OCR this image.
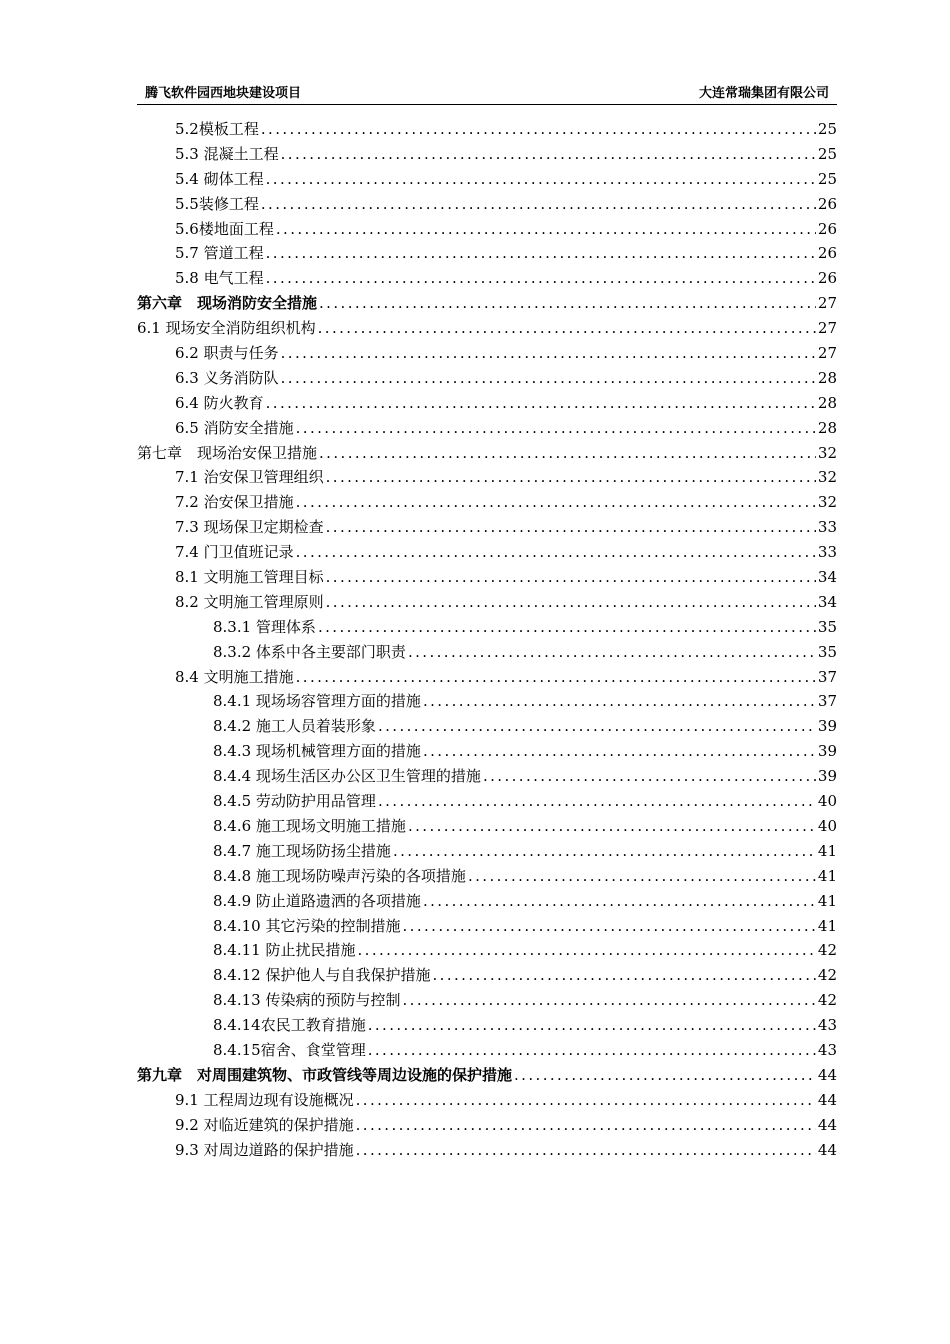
腾飞软件园西地块建设项目	大连常瑞集团有限公司
5.2模板工程 .....	25
5.3 混凝土工程 .....	25
5.4 砌体工程 .....	25
5.5装修工程 .....	26
5.6楼地面工程 .....	26
5.7 管道工程 .....	26
5.8 电气工程 .....	26
第六章　现场消防安全措施 .....	27
6.1 现场安全消防组织机构 .....	27
6.2 职责与任务 .....	27
6.3 义务消防队 .....	28
6.4 防火教育 .....	28
6.5 消防安全措施 .....	28
第七章　现场治安保卫措施 .....	32
7.1 治安保卫管理组织 .....	32
7.2 治安保卫措施 .....	32
7.3 现场保卫定期检查 .....	33
7.4 门卫值班记录 .....	33
8.1 文明施工管理目标 .....	34
8.2 文明施工管理原则 .....	34
8.3.1 管理体系 .....	35
8.3.2 体系中各主要部门职责 .....	35
8.4 文明施工措施 .....	37
8.4.1 现场场容管理方面的措施 .....	37
8.4.2 施工人员着装形象 .....	39
8.4.3 现场机械管理方面的措施 .....	39
8.4.4 现场生活区办公区卫生管理的措施 .....	39
8.4.5 劳动防护用品管理 .....	40
8.4.6 施工现场文明施工措施 .....	40
8.4.7 施工现场防扬尘措施 .....	41
8.4.8 施工现场防噪声污染的各项措施 .....	41
8.4.9 防止道路遗洒的各项措施 .....	41
8.4.10 其它污染的控制措施 .....	41
8.4.11 防止扰民措施 .....	42
8.4.12 保护他人与自我保护措施 .....	42
8.4.13 传染病的预防与控制 .....	42
8.4.14农民工教育措施 .....	43
8.4.15宿舍、食堂管理 .....	43
第九章　对周围建筑物、市政管线等周边设施的保护措施 .....	44
9.1 工程周边现有设施概况 .....	44
9.2 对临近建筑的保护措施 .....	44
9.3 对周边道路的保护措施 .....	44
